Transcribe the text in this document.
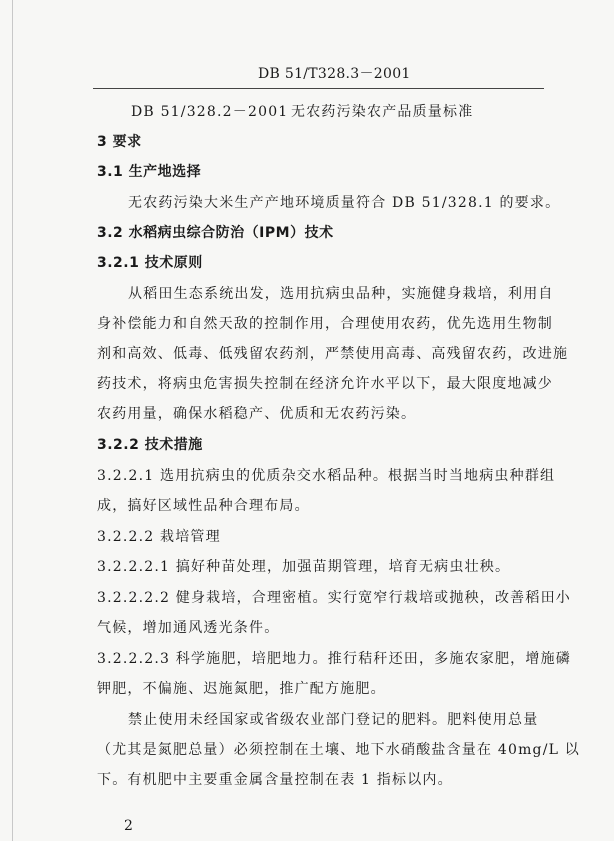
DB 51/T328.3－2001
DB 51/328.2－2001 无农药污染农产品质量标准
3 要求
3.1 生产地选择
无农药污染大米生产产地环境质量符合 DB 51/328.1 的要求。
3.2 水稻病虫综合防治（IPM）技术
3.2.1 技术原则
从稻田生态系统出发，选用抗病虫品种，实施健身栽培，利用自
身补偿能力和自然天敌的控制作用，合理使用农药，优先选用生物制
剂和高效、低毒、低残留农药剂，严禁使用高毒、高残留农药，改进施
药技术，将病虫危害损失控制在经济允许水平以下，最大限度地减少
农药用量，确保水稻稳产、优质和无农药污染。
3.2.2 技术措施
3.2.2.1 选用抗病虫的优质杂交水稻品种。根据当时当地病虫种群组
成，搞好区域性品种合理布局。
3.2.2.2 栽培管理
3.2.2.2.1 搞好种苗处理，加强苗期管理，培育无病虫壮秧。
3.2.2.2.2 健身栽培，合理密植。实行宽窄行栽培或抛秧，改善稻田小
气候，增加通风透光条件。
3.2.2.2.3 科学施肥，培肥地力。推行秸秆还田，多施农家肥，增施磷
钾肥，不偏施、迟施氮肥，推广配方施肥。
禁止使用未经国家或省级农业部门登记的肥料。肥料使用总量
（尤其是氮肥总量）必须控制在土壤、地下水硝酸盐含量在 40mg/L 以
下。有机肥中主要重金属含量控制在表 1 指标以内。
2
